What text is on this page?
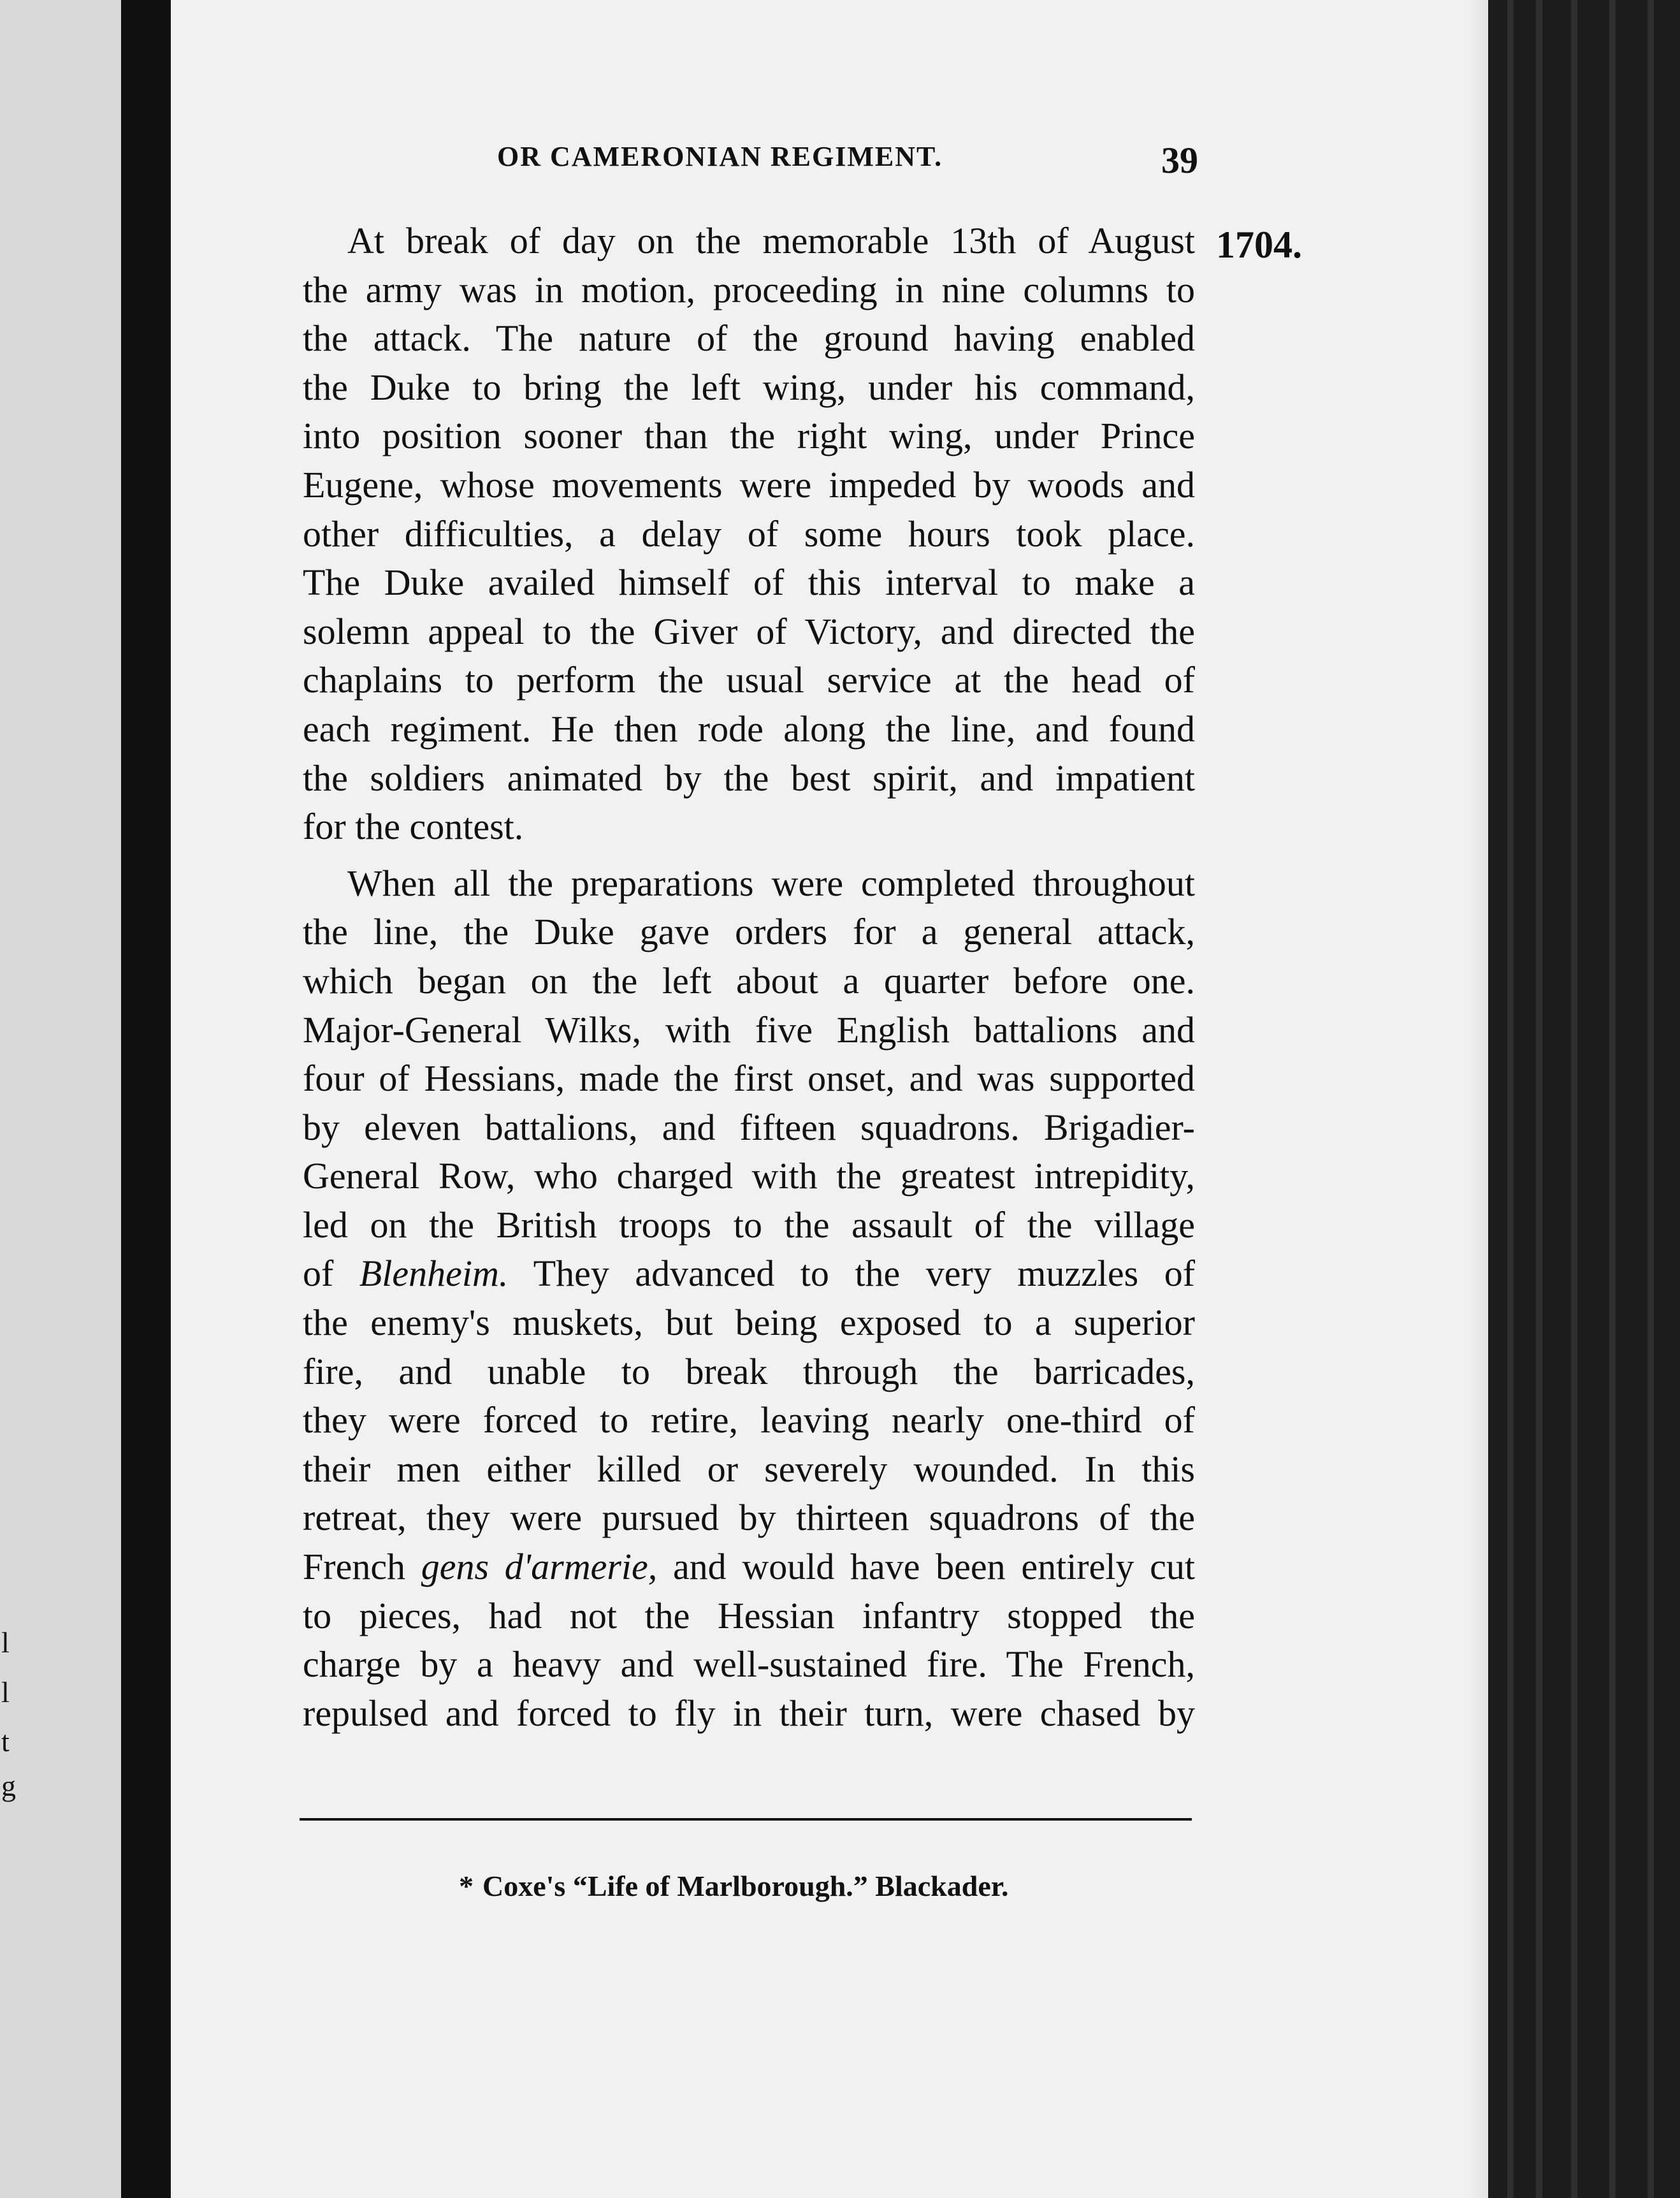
l
l
t
g
OR CAMERONIAN REGIMENT.	39
1704.
At break of day on the memorable 13th of August
the army was in motion, proceeding in nine columns to
the attack. The nature of the ground having enabled
the Duke to bring the left wing, under his command,
into position sooner than the right wing, under Prince
Eugene, whose movements were impeded by woods and
other difficulties, a delay of some hours took place.
The Duke availed himself of this interval to make a
solemn appeal to the Giver of Victory, and directed the
chaplains to perform the usual service at the head of
each regiment. He then rode along the line, and found
the soldiers animated by the best spirit, and impatient
for the contest.
When all the preparations were completed throughout
the line, the Duke gave orders for a general attack,
which began on the left about a quarter before one.
Major-General Wilks, with five English battalions and
four of Hessians, made the first onset, and was supported
by eleven battalions, and fifteen squadrons. Brigadier-
General Row, who charged with the greatest intrepidity,
led on the British troops to the assault of the village
of Blenheim. They advanced to the very muzzles of
the enemy's muskets, but being exposed to a superior
fire, and unable to break through the barricades,
they were forced to retire, leaving nearly one-third of
their men either killed or severely wounded. In this
retreat, they were pursued by thirteen squadrons of the
French gens d'armerie, and would have been entirely cut
to pieces, had not the Hessian infantry stopped the
charge by a heavy and well-sustained fire. The French,
repulsed and forced to fly in their turn, were chased by
* Coxe's “Life of Marlborough.” Blackader.
